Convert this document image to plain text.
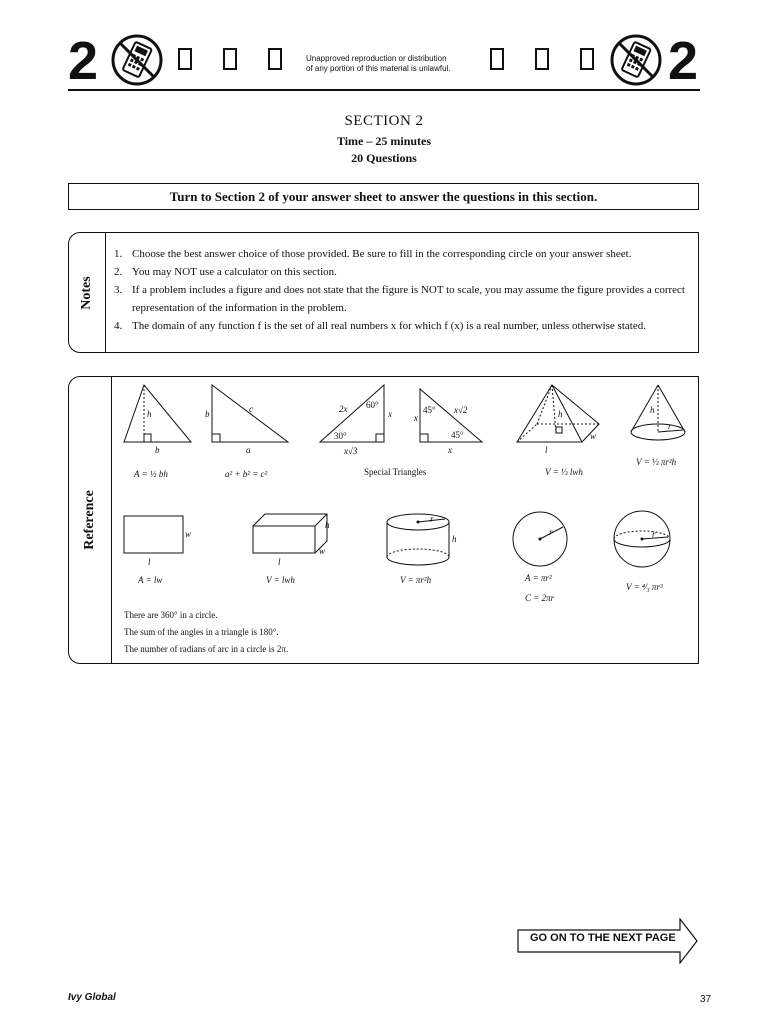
2	Unapproved reproduction or distribution
of any portion of this material is unlawful.	2
SECTION 2
Time – 25 minutes
20 Questions
Turn to Section 2 of your answer sheet to answer the questions in this section.
Notes
1. Choose the best answer choice of those provided. Be sure to fill in the corresponding circle on your answer sheet.
2. You may NOT use a calculator on this section.
3. If a problem includes a figure and does not state that the figure is NOT to scale, you may assume the figure provides a correct representation of the information in the problem.
4. The domain of any function f is the set of all real numbers x for which f (x) is a real number, unless otherwise stated.
Reference
h
b
b	c
a
2x 60°
x
30°
x√3
x
45° x√2
45°
x
h
l
w
h
r
w
l
h
w
l
r
h
r	r
A = ½ bh	a² + b² = c²	Special Triangles	V = ⅓ lwh
V = ⅓ πr²h
A = lw	V = lwh	V = πr²h	A = πr²
C = 2πr
V = ⁴⁄₃ πr³
There are 360° in a circle.
The sum of the angles in a triangle is 180°.
The number of radians of arc in a circle is 2π.
GO ON TO THE NEXT PAGE
Ivy Global	37
